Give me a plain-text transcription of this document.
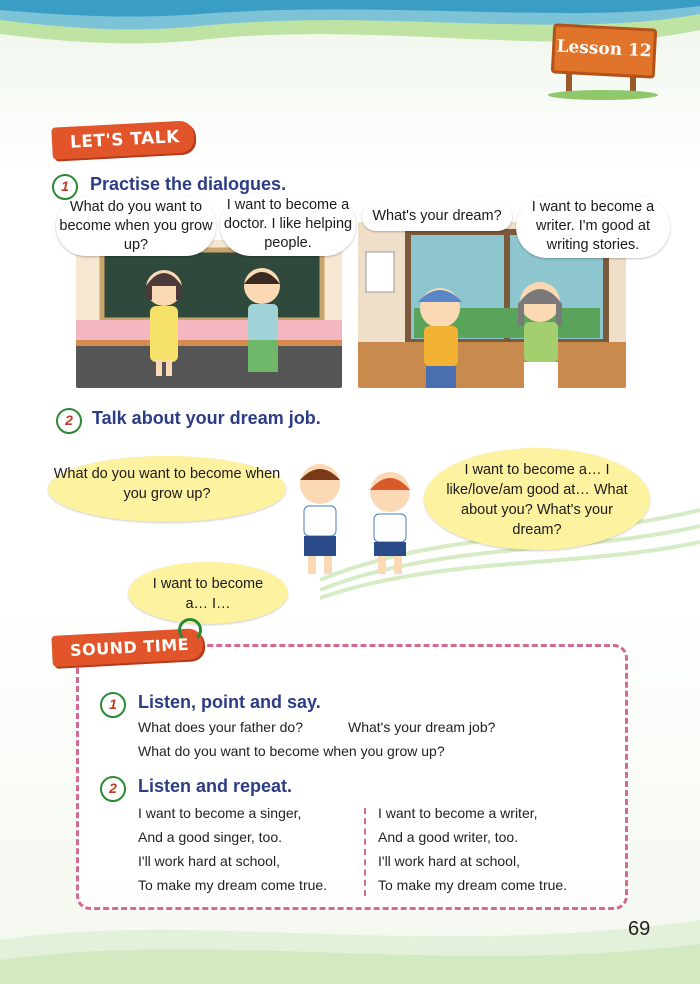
Lesson 12
LET'S TALK
1	Practise the dialogues.
What do you want to become when you grow up?
I want to become a doctor. I like helping people.
What's your dream?
I want to become a writer. I'm good at writing stories.
2	Talk about your dream job.
What do you want to become when you grow up?
I want to become a… I like/love/am good at… What about you? What's your dream?
I want to become a… I…
SOUND TIME
1	Listen, point and say.
What does your father do?	What's your dream job?
What do you want to become when you grow up?
2	Listen and repeat.
I want to become a singer,
And a good singer, too.
I'll work hard at school,
To make my dream come true.
I want to become a writer,
And a good writer, too.
I'll work hard at school,
To make my dream come true.
69
